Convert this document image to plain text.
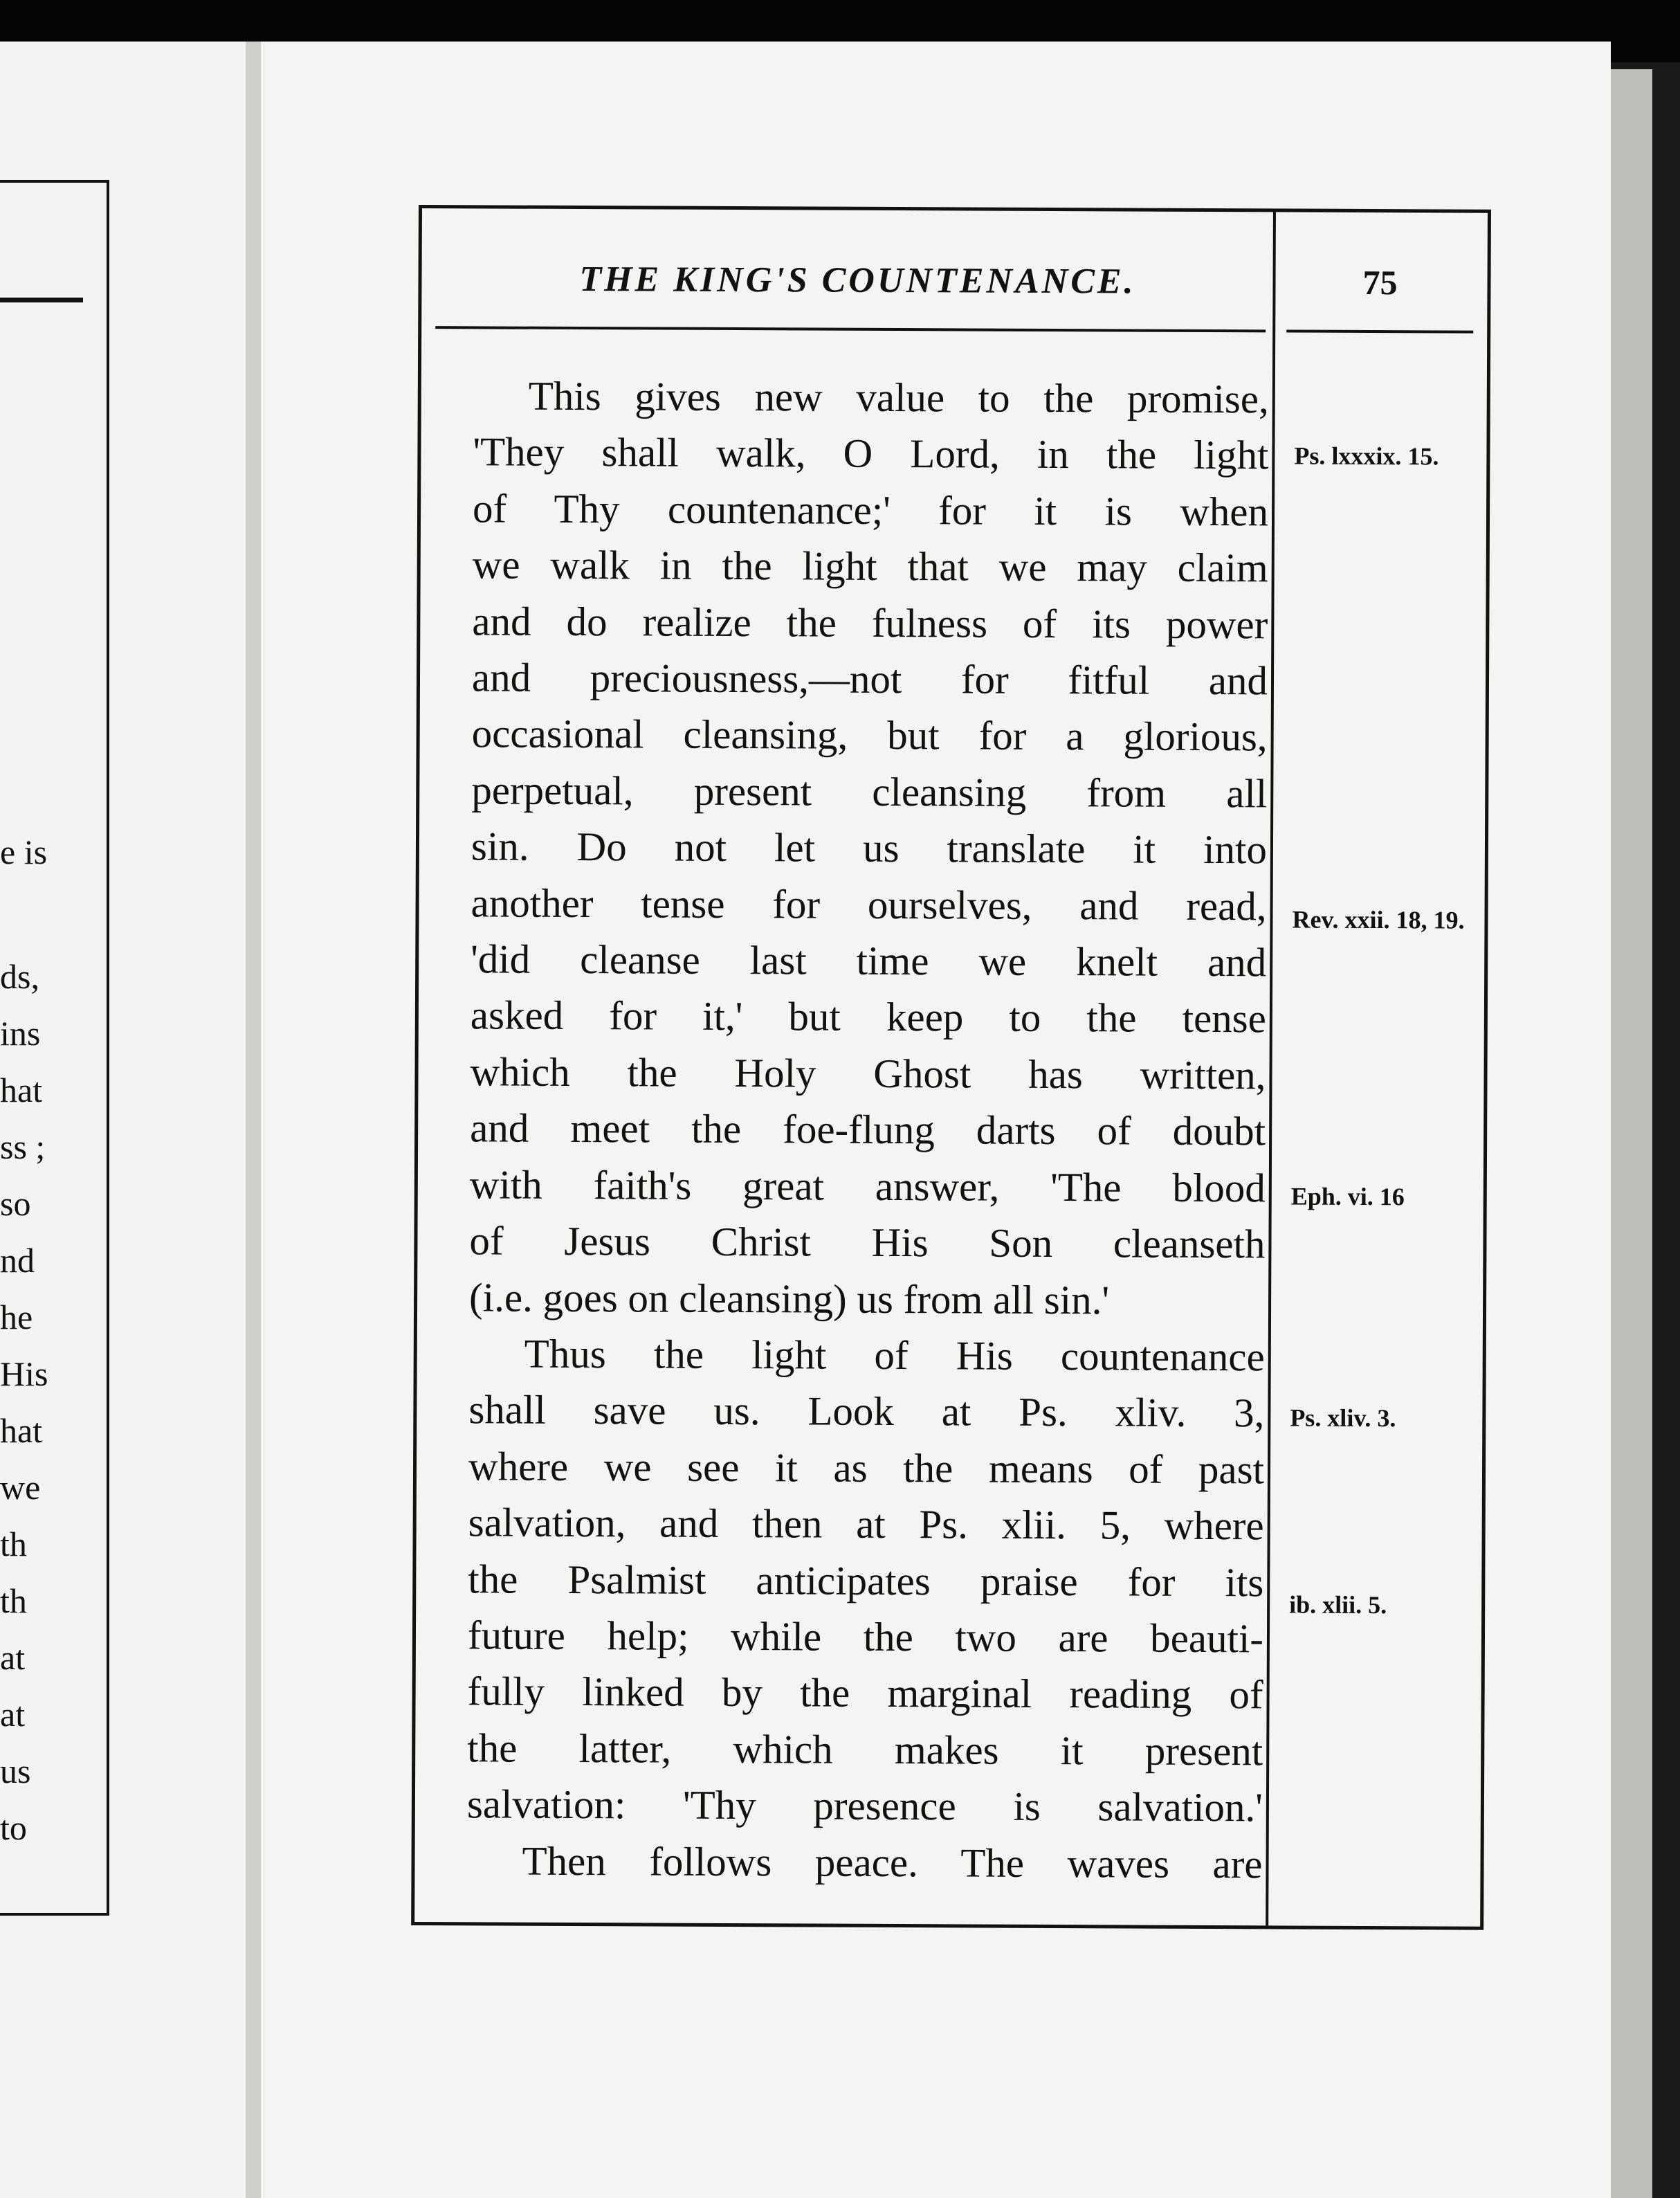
e is
ds,
ins
hat
ss ;
so
nd
he
His
hat
we
th
th
at
at
us
to
THE KING'S COUNTENANCE.	75
This gives new value to the promise,
'They shall walk, O Lord, in the light
of Thy countenance;' for it is when
we walk in the light that we may claim
and do realize the fulness of its power
and preciousness,—not for fitful and
occasional cleansing, but for a glorious,
perpetual, present cleansing from all
sin. Do not let us translate it into
another tense for ourselves, and read,
'did cleanse last time we knelt and
asked for it,' but keep to the tense
which the Holy Ghost has written,
and meet the foe-flung darts of doubt
with faith's great answer, 'The blood
of Jesus Christ His Son cleanseth
(i.e. goes on cleansing) us from all sin.'
Thus the light of His countenance
shall save us. Look at Ps. xliv. 3,
where we see it as the means of past
salvation, and then at Ps. xlii. 5, where
the Psalmist anticipates praise for its
future help; while the two are beauti-
fully linked by the marginal reading of
the latter, which makes it present
salvation: 'Thy presence is salvation.'
Then follows peace. The waves are
Ps. lxxxix. 15.
Rev. xxii. 18, 19.
Eph. vi. 16
Ps. xliv. 3.
ib. xlii. 5.
